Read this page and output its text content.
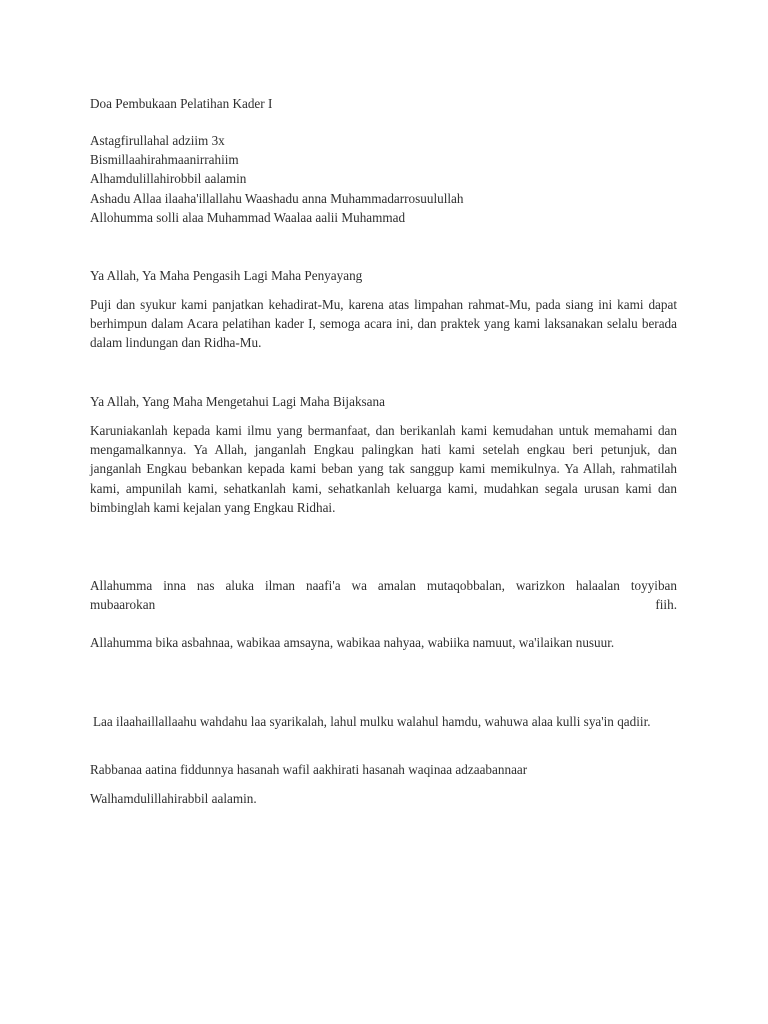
Doa Pembukaan Pelatihan Kader I

Astagfirullahal adziim 3x
Bismillaahirahmaanirrahiim
Alhamdulillahirobbil aalamin
Ashadu Allaa ilaaha'illallahu Waashadu anna Muhammadarrosuulullah
Allohumma solli alaa Muhammad Waalaa aalii Muhammad

Ya Allah, Ya Maha Pengasih Lagi Maha Penyayang

Puji dan syukur kami panjatkan kehadirat-Mu, karena atas limpahan rahmat-Mu, pada siang ini kami dapat berhimpun dalam Acara pelatihan kader I, semoga acara ini, dan praktek yang kami laksanakan selalu berada dalam lindungan dan Ridha-Mu.

Ya Allah, Yang Maha Mengetahui Lagi Maha Bijaksana

Karuniakanlah kepada kami ilmu yang bermanfaat, dan berikanlah kami kemudahan untuk memahami dan mengamalkannya. Ya Allah, janganlah Engkau palingkan hati kami setelah engkau beri petunjuk, dan janganlah Engkau bebankan kepada kami beban yang tak sanggup kami memikulnya. Ya Allah, rahmatilah kami, ampunilah kami, sehatkanlah kami, sehatkanlah keluarga kami, mudahkan segala urusan kami dan bimbinglah kami kejalan yang Engkau Ridhai.

Allahumma inna nas aluka ilman naafi'a wa amalan mutaqobbalan, warizkon halaalan toyyiban
mubaarokan	fiih.

Allahumma bika asbahnaa, wabikaa amsayna, wabikaa nahyaa, wabiika namuut, wa'ilaikan nusuur.

Laa ilaahaillallaahu wahdahu laa syarikalah, lahul mulku walahul hamdu, wahuwa alaa kulli sya'in qadiir.

Rabbanaa aatina fiddunnya hasanah wafil aakhirati hasanah waqinaa adzaabannaar

Walhamdulillahirabbil aalamin.
